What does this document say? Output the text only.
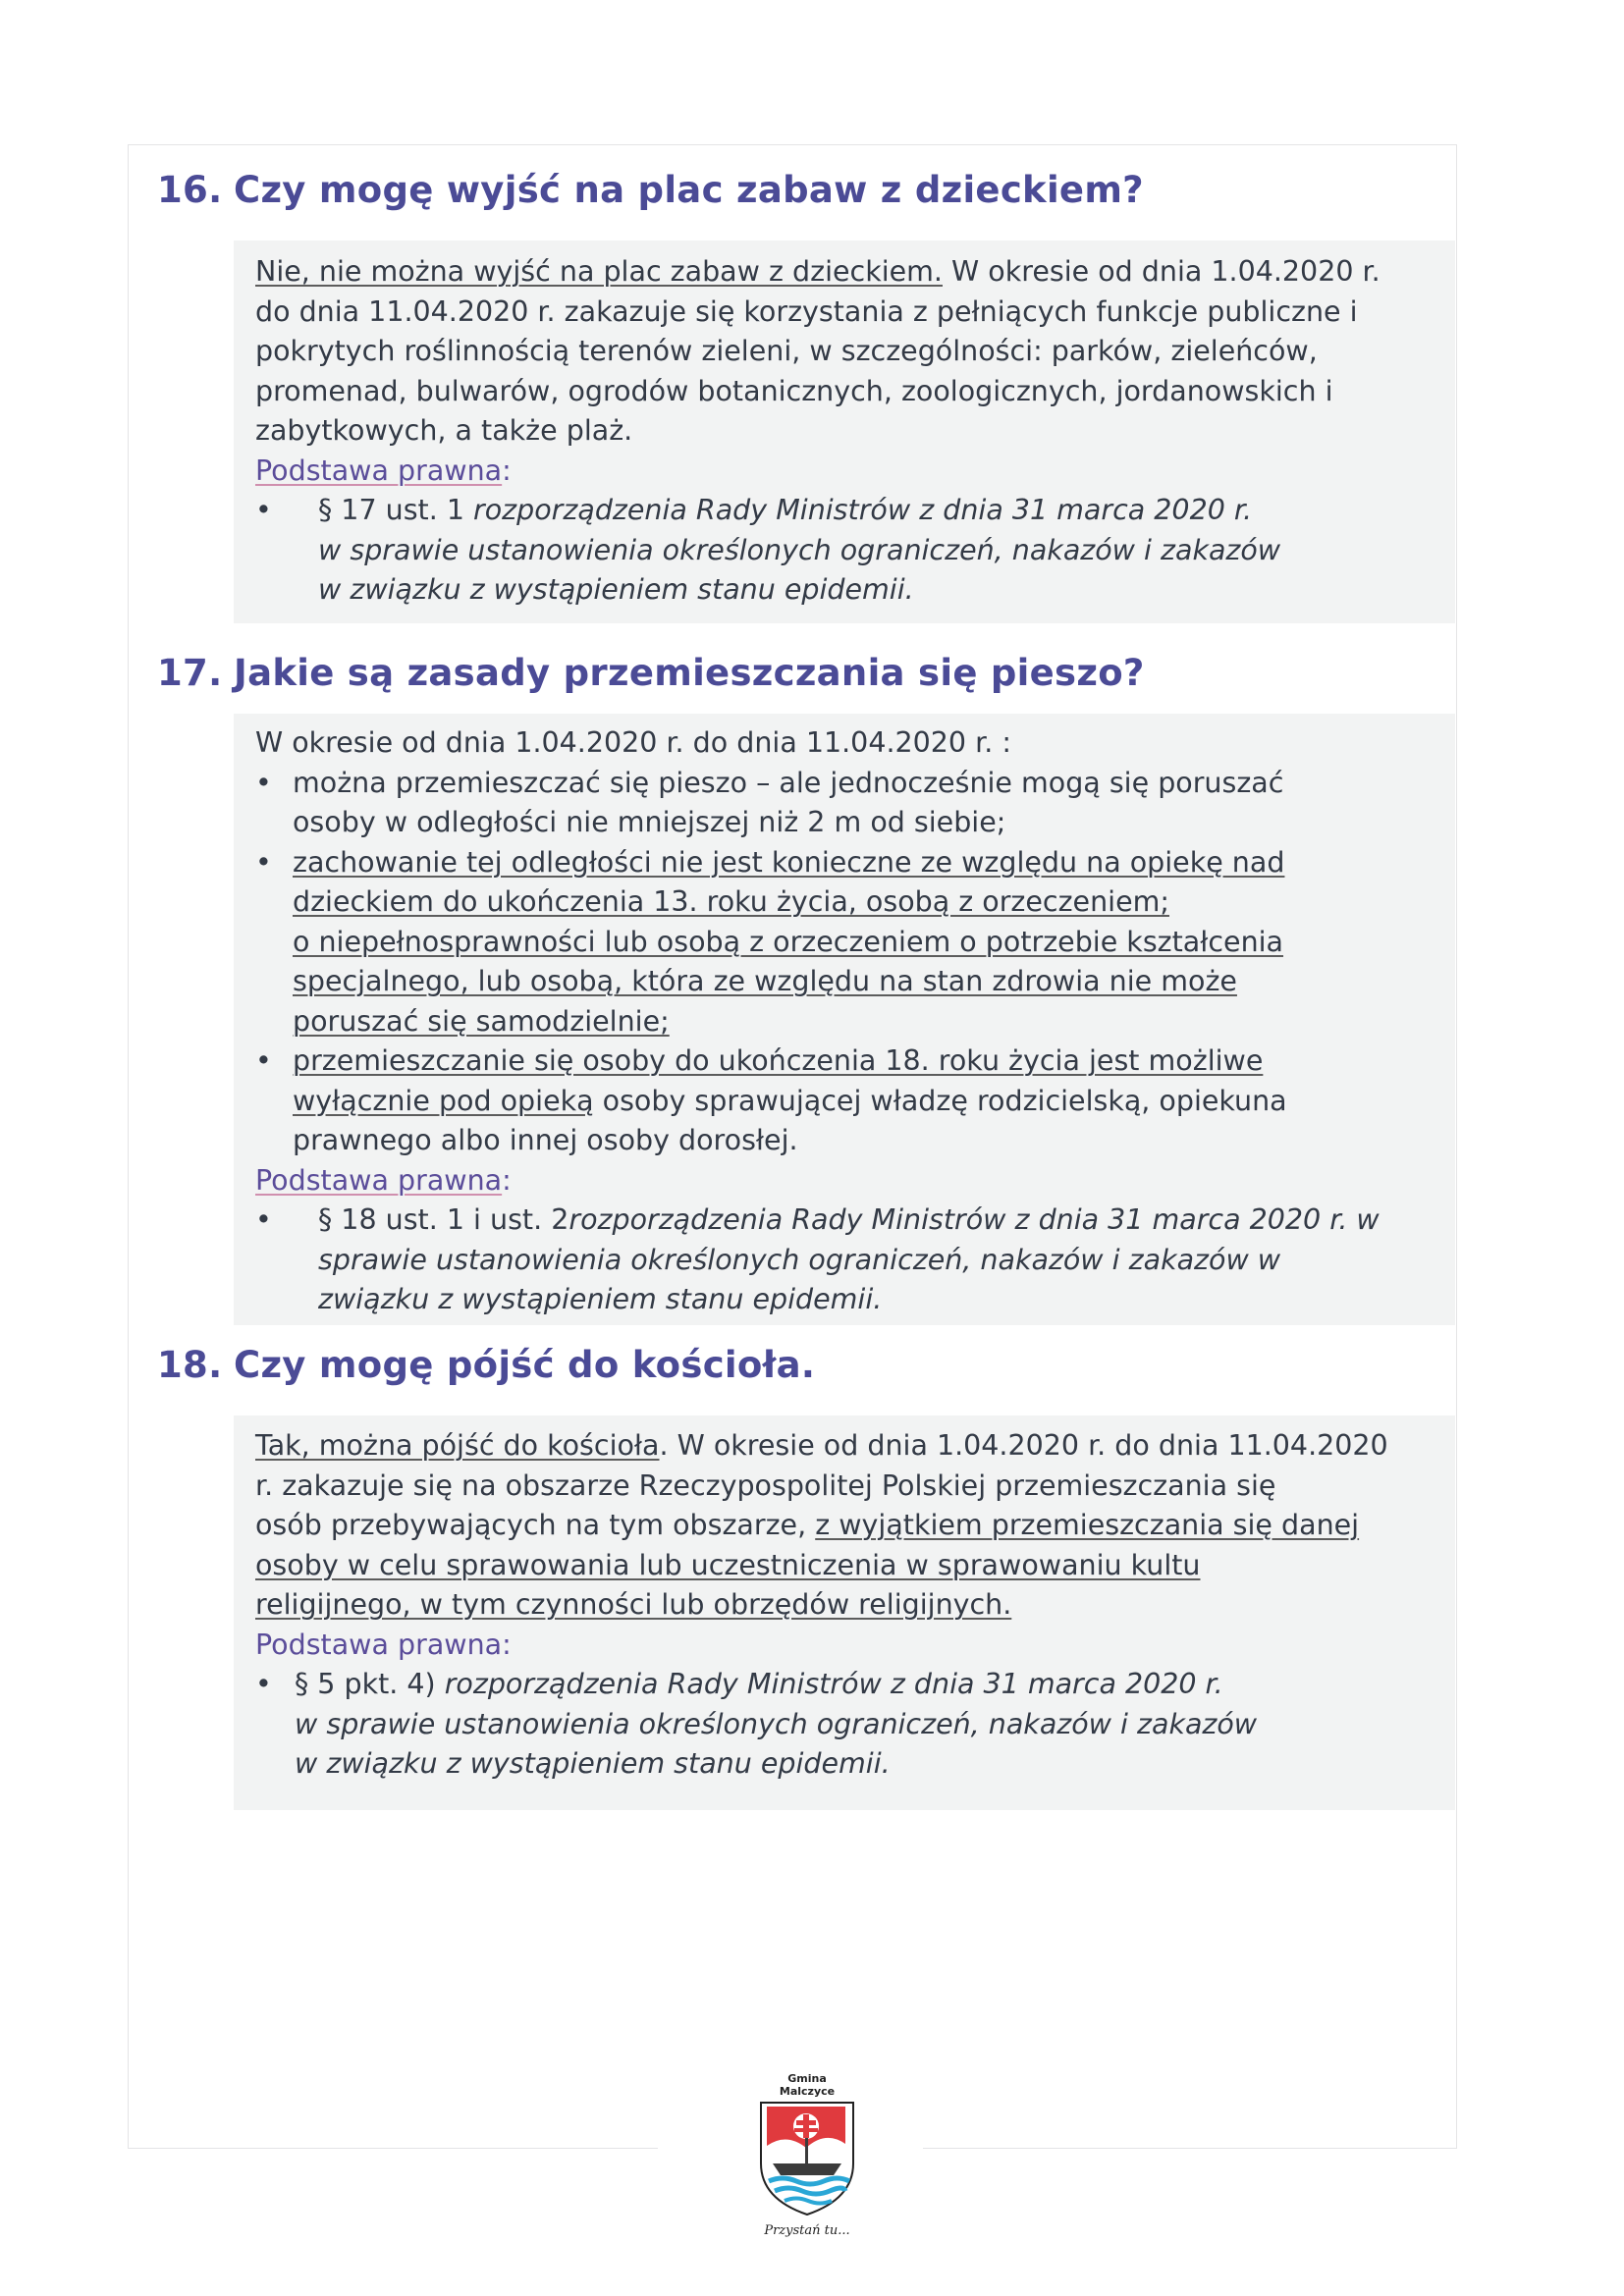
16. Czy mogę wyjść na plac zabaw z dzieckiem?

Nie, nie można wyjść na plac zabaw z dzieckiem. W okresie od dnia 1.04.2020 r.

do dnia 11.04.2020 r. zakazuje się korzystania z pełniących funkcje publiczne i

pokrytych roślinnością terenów zieleni, w szczególności: parków, zieleńców,

promenad, bulwarów, ogrodów botanicznych, zoologicznych, jordanowskich i

zabytkowych, a także plaż.

Podstawa prawna:

• § 17 ust. 1 rozporządzenia Rady Ministrów z dnia 31 marca 2020 r.

w sprawie ustanowienia określonych ograniczeń, nakazów i zakazów

w związku z wystąpieniem stanu epidemii.

17. Jakie są zasady przemieszczania się pieszo?

W okresie od dnia 1.04.2020 r. do dnia 11.04.2020 r. :

• można przemieszczać się pieszo – ale jednocześnie mogą się poruszać

osoby w odległości nie mniejszej niż 2 m od siebie;

• zachowanie tej odległości nie jest konieczne ze względu na opiekę nad

dzieckiem do ukończenia 13. roku życia, osobą z orzeczeniem;

o niepełnosprawności lub osobą z orzeczeniem o potrzebie kształcenia

specjalnego, lub osobą, która ze względu na stan zdrowia nie może

poruszać się samodzielnie;

• przemieszczanie się osoby do ukończenia 18. roku życia jest możliwe

wyłącznie pod opieką osoby sprawującej władzę rodzicielską, opiekuna

prawnego albo innej osoby dorosłej.

Podstawa prawna:

• § 18 ust. 1 i ust. 2rozporządzenia Rady Ministrów z dnia 31 marca 2020 r. w

sprawie ustanowienia określonych ograniczeń, nakazów i zakazów w

związku z wystąpieniem stanu epidemii.

18. Czy mogę pójść do kościoła.

Tak, można pójść do kościoła. W okresie od dnia 1.04.2020 r. do dnia 11.04.2020

r. zakazuje się na obszarze Rzeczypospolitej Polskiej przemieszczania się

osób przebywających na tym obszarze, z wyjątkiem przemieszczania się danej

osoby w celu sprawowania lub uczestniczenia w sprawowaniu kultu

religijnego, w tym czynności lub obrzędów religijnych.

Podstawa prawna:

• § 5 pkt. 4) rozporządzenia Rady Ministrów z dnia 31 marca 2020 r.

w sprawie ustanowienia określonych ograniczeń, nakazów i zakazów

w związku z wystąpieniem stanu epidemii.

Gmina
Malczyce
Przystań tu...
